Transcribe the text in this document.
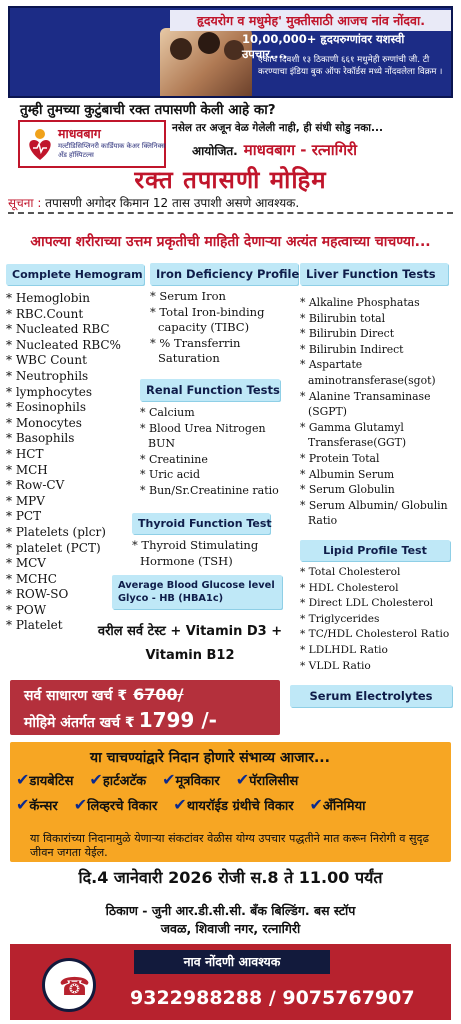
हृदयरोग व मधुमेह' मुक्तीसाठी आजच नांव नोंदवा.
10,00,000+ हृदयरुग्णांवर यशस्वी उपचार....
एकाच दिवशी १३ ठिकाणी ६६१ मधुमेही रुग्णांची जी. टी करण्याचा इंडिया बुक ऑफ रेकॉर्डस मध्ये नोंदवलेला विक्रम ।
तुम्ही तुमच्या कुटुंबाची रक्त तपासणी केली आहे का?
माधवबाग
मल्टीडिसिप्लिनरी कार्डियाक केअर क्लिनिक्स अँड हॉस्पिटल्स
नसेल तर अजून वेळ गेलेली नाही, ही संधी सोडु नका...
आयोजित. माधवबाग - रत्नागिरी
रक्त तपासणी मोहिम
सूचना : तपासणी अगोदर किमान 12 तास उपाशी असणे आवश्यक.
आपल्या शरीराच्या उत्तम प्रकृतीची माहिती देणाऱ्या अत्यंत महत्वाच्या चाचण्या...
Complete Hemogram
* Hemoglobin
* RBC.Count
* Nucleated RBC
* Nucleated RBC%
* WBC Count
* Neutrophils
* lymphocytes
* Eosinophils
* Monocytes
* Basophils
* HCT
* MCH
* Row-CV
* MPV
* PCT
* Platelets (plcr)
* platelet (PCT)
* MCV
* MCHC
* ROW-SO
* POW
* Platelet
Iron Deficiency Profile
* Serum Iron
* Total Iron-binding capacity (TIBC)
* % Transferrin Saturation
Renal Function Tests
* Calcium
* Blood Urea Nitrogen BUN
* Creatinine
* Uric acid
* Bun/Sr.Creatinine ratio
Thyroid Function Test
* Thyroid Stimulating Hormone (TSH)
Average Blood Glucose level Glyco - HB (HBA1c)
वरील सर्व टेस्ट + Vitamin D3 +
Vitamin B12
Liver Function Tests
* Alkaline Phosphatas
* Bilirubin total
* Bilirubin Direct
* Bilirubin Indirect
* Aspartate aminotransferase(sgot)
* Alanine Transaminase (SGPT)
* Gamma Glutamyl Transferase(GGT)
* Protein Total
* Albumin Serum
* Serum Globulin
* Serum Albumin/ Globulin Ratio
Lipid Profile Test
* Total Cholesterol
* HDL Cholesterol
* Direct LDL Cholesterol
* Triglycerides
* TC/HDL Cholesterol Ratio
* LDLHDL Ratio
* VLDL Ratio
Serum Electrolytes
सर्व साधारण खर्च ₹ 6700/
मोहिमे अंतर्गत खर्च ₹ 1799 /-
या चाचण्यांद्वारे निदान होणारे संभाव्य आजार...
✔डायबेटिस ✔हार्टअटॅक ✔मूत्रविकार ✔पॅरालिसीस
✔कॅन्सर ✔लिव्हरचे विकार ✔थायरॉईड ग्रंथीचे विकार ✔अँनिमिया
या विकारांच्या निदानामुळे येणाऱ्या संकटांवर वेळीस योग्य उपचार पद्धतीने मात करून निरोगी व सुदृढ जीवन जगता येईल.
दि.4 जानेवारी 2026 रोजी स.8 ते 11.00 पर्यंत
ठिकाण - जुनी आर.डी.सी.सी. बँक बिल्डिंग. बस स्टॉप
जवळ, शिवाजी नगर, रत्नागिरी
☎
नाव नोंदणी आवश्यक
9322988288 / 9075767907
